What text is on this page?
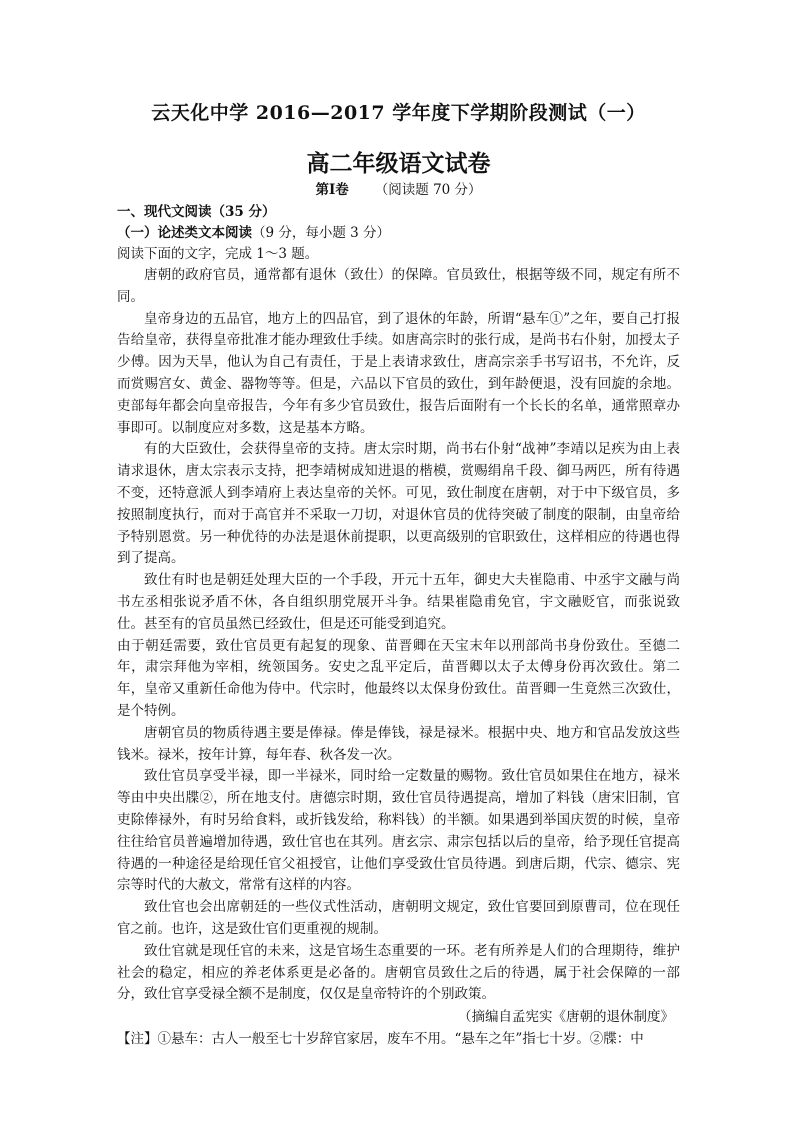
云天化中学 2016—2017 学年度下学期阶段测试（一）
高二年级语文试卷
第Ⅰ卷 （阅读题 70 分）
一、现代文阅读（35 分）
（一）论述类文本阅读（9 分，每小题 3 分）
阅读下面的文字，完成 1～3 题。

唐朝的政府官员，通常都有退休（致仕）的保障。官员致仕，根据等级不同，规定有所不同。

皇帝身边的五品官，地方上的四品官，到了退休的年龄，所谓“悬车①”之年，要自己打报告给皇帝，获得皇帝批准才能办理致仕手续。如唐高宗时的张行成，是尚书右仆射，加授太子少傅。因为天旱，他认为自己有责任，于是上表请求致仕，唐高宗亲手书写诏书，不允许，反而赏赐宫女、黄金、器物等等。但是，六品以下官员的致仕，到年龄便退，没有回旋的余地。吏部每年都会向皇帝报告，今年有多少官员致仕，报告后面附有一个长长的名单，通常照章办事即可。以制度应对多数，这是基本方略。

有的大臣致仕，会获得皇帝的支持。唐太宗时期，尚书右仆射“战神”李靖以足疾为由上表请求退休，唐太宗表示支持，把李靖树成知进退的楷模，赏赐绢帛千段、御马两匹，所有待遇不变，还特意派人到李靖府上表达皇帝的关怀。可见，致仕制度在唐朝，对于中下级官员，多按照制度执行，而对于高官并不采取一刀切，对退休官员的优待突破了制度的限制，由皇帝给予特别恩赏。另一种优待的办法是退休前提职，以更高级别的官职致仕，这样相应的待遇也得到了提高。

致仕有时也是朝廷处理大臣的一个手段，开元十五年，御史大夫崔隐甫、中丞宇文融与尚书左丞相张说矛盾不休，各自组织朋党展开斗争。结果崔隐甫免官，宇文融贬官，而张说致仕。甚至有的官员虽然已经致仕，但是还可能受到追究。

由于朝廷需要，致仕官员更有起复的现象、苗晋卿在天宝末年以刑部尚书身份致仕。至德二年，肃宗拜他为宰相，统领国务。安史之乱平定后，苗晋卿以太子太傅身份再次致仕。第二年，皇帝又重新任命他为侍中。代宗时，他最终以太保身份致仕。苗晋卿一生竟然三次致仕，是个特例。

唐朝官员的物质待遇主要是俸禄。俸是俸钱，禄是禄米。根据中央、地方和官品发放这些钱米。禄米，按年计算，每年春、秋各发一次。

致仕官员享受半禄，即一半禄米，同时给一定数量的赐物。致仕官员如果住在地方，禄米等由中央出牒②，所在地支付。唐德宗时期，致仕官员待遇提高，增加了料钱（唐宋旧制，官吏除俸禄外，有时另给食料，或折钱发给，称料钱）的半额。如果遇到举国庆贺的时候，皇帝往往给官员普遍增加待遇，致仕官也在其列。唐玄宗、肃宗包括以后的皇帝，给予现任官提高待遇的一种途径是给现任官父祖授官，让他们享受致仕官员待遇。到唐后期，代宗、德宗、宪宗等时代的大赦文，常常有这样的内容。

致仕官也会出席朝廷的一些仪式性活动，唐朝明文规定，致仕官要回到原曹司，位在现任官之前。也许，这是致仕官们更重视的规制。

致仕官就是现任官的未来，这是官场生态重要的一环。老有所养是人们的合理期待，维护社会的稳定，相应的养老体系更是必备的。唐朝官员致仕之后的待遇，属于社会保障的一部分，致仕官享受禄全额不是制度，仅仅是皇帝特许的个别政策。

（摘编自孟宪实《唐朝的退休制度》
【注】①悬车：古人一般至七十岁辞官家居，废车不用。“悬车之年”指七十岁。②牒：中
